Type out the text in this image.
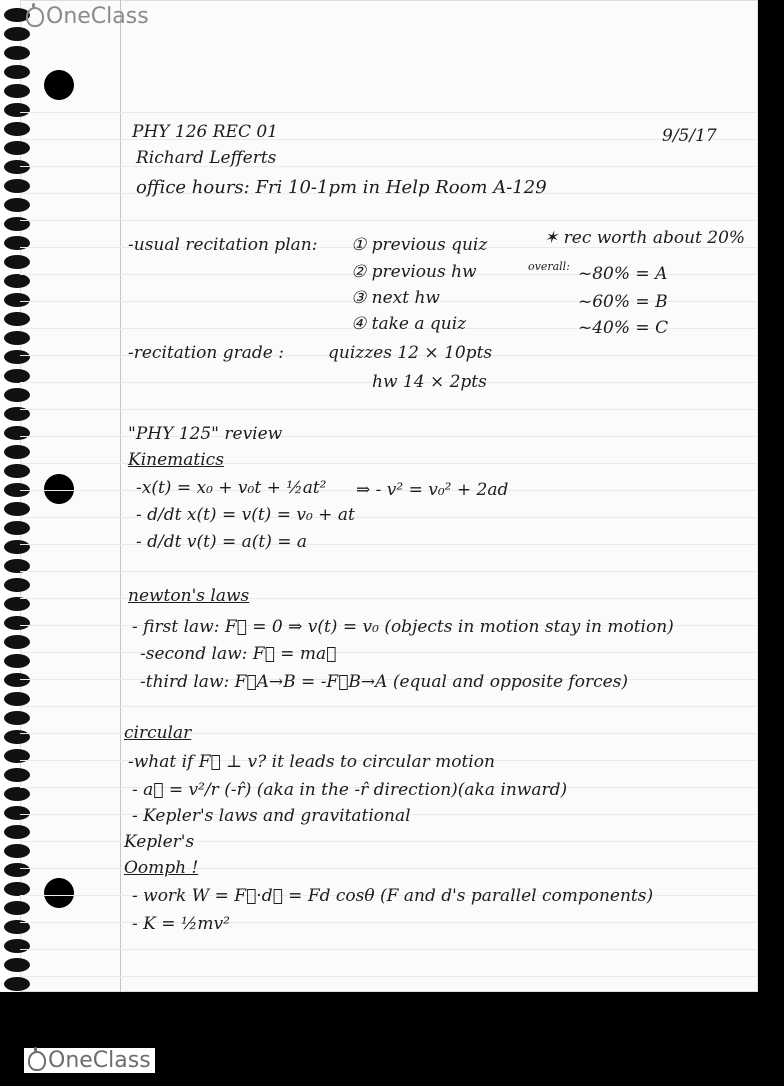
OneClass
PHY 126 REC 01	9/5/17
Richard Lefferts
office hours: Fri 10-1pm in Help Room A-129
-usual recitation plan: ① previous quiz
② previous hw
③ next hw
④ take a quiz
✶ rec worth about 20%
overall: ~80% = A
~60% = B
~40% = C
-recitation grade :	quizzes 12 × 10pts
hw 14 × 2pts
"PHY 125" review
Kinematics
-x(t) = x₀ + v₀t + ½at²
- d/dt x(t) = v(t) = v₀ + at
- d/dt v(t) = a(t) = a
⇒ - v² = v₀² + 2ad
newton's laws
- first law: F⃗ = 0 ⇒ v(t) = v₀ (objects in motion stay in motion)
-second law: F⃗ = ma⃗
-third law: F⃗A→B = -F⃗B→A (equal and opposite forces)
circular
-what if F⃗ ⊥ v? it leads to circular motion
- a⃗ = v²/r (-r̂) (aka in the -r̂ direction)(aka inward)
- Kepler's laws and gravitational
Kepler's
Oomph !
- work W = F⃗·d⃗ = Fd cosθ (F and d's parallel components)
- K = ½mv²
OneClass
